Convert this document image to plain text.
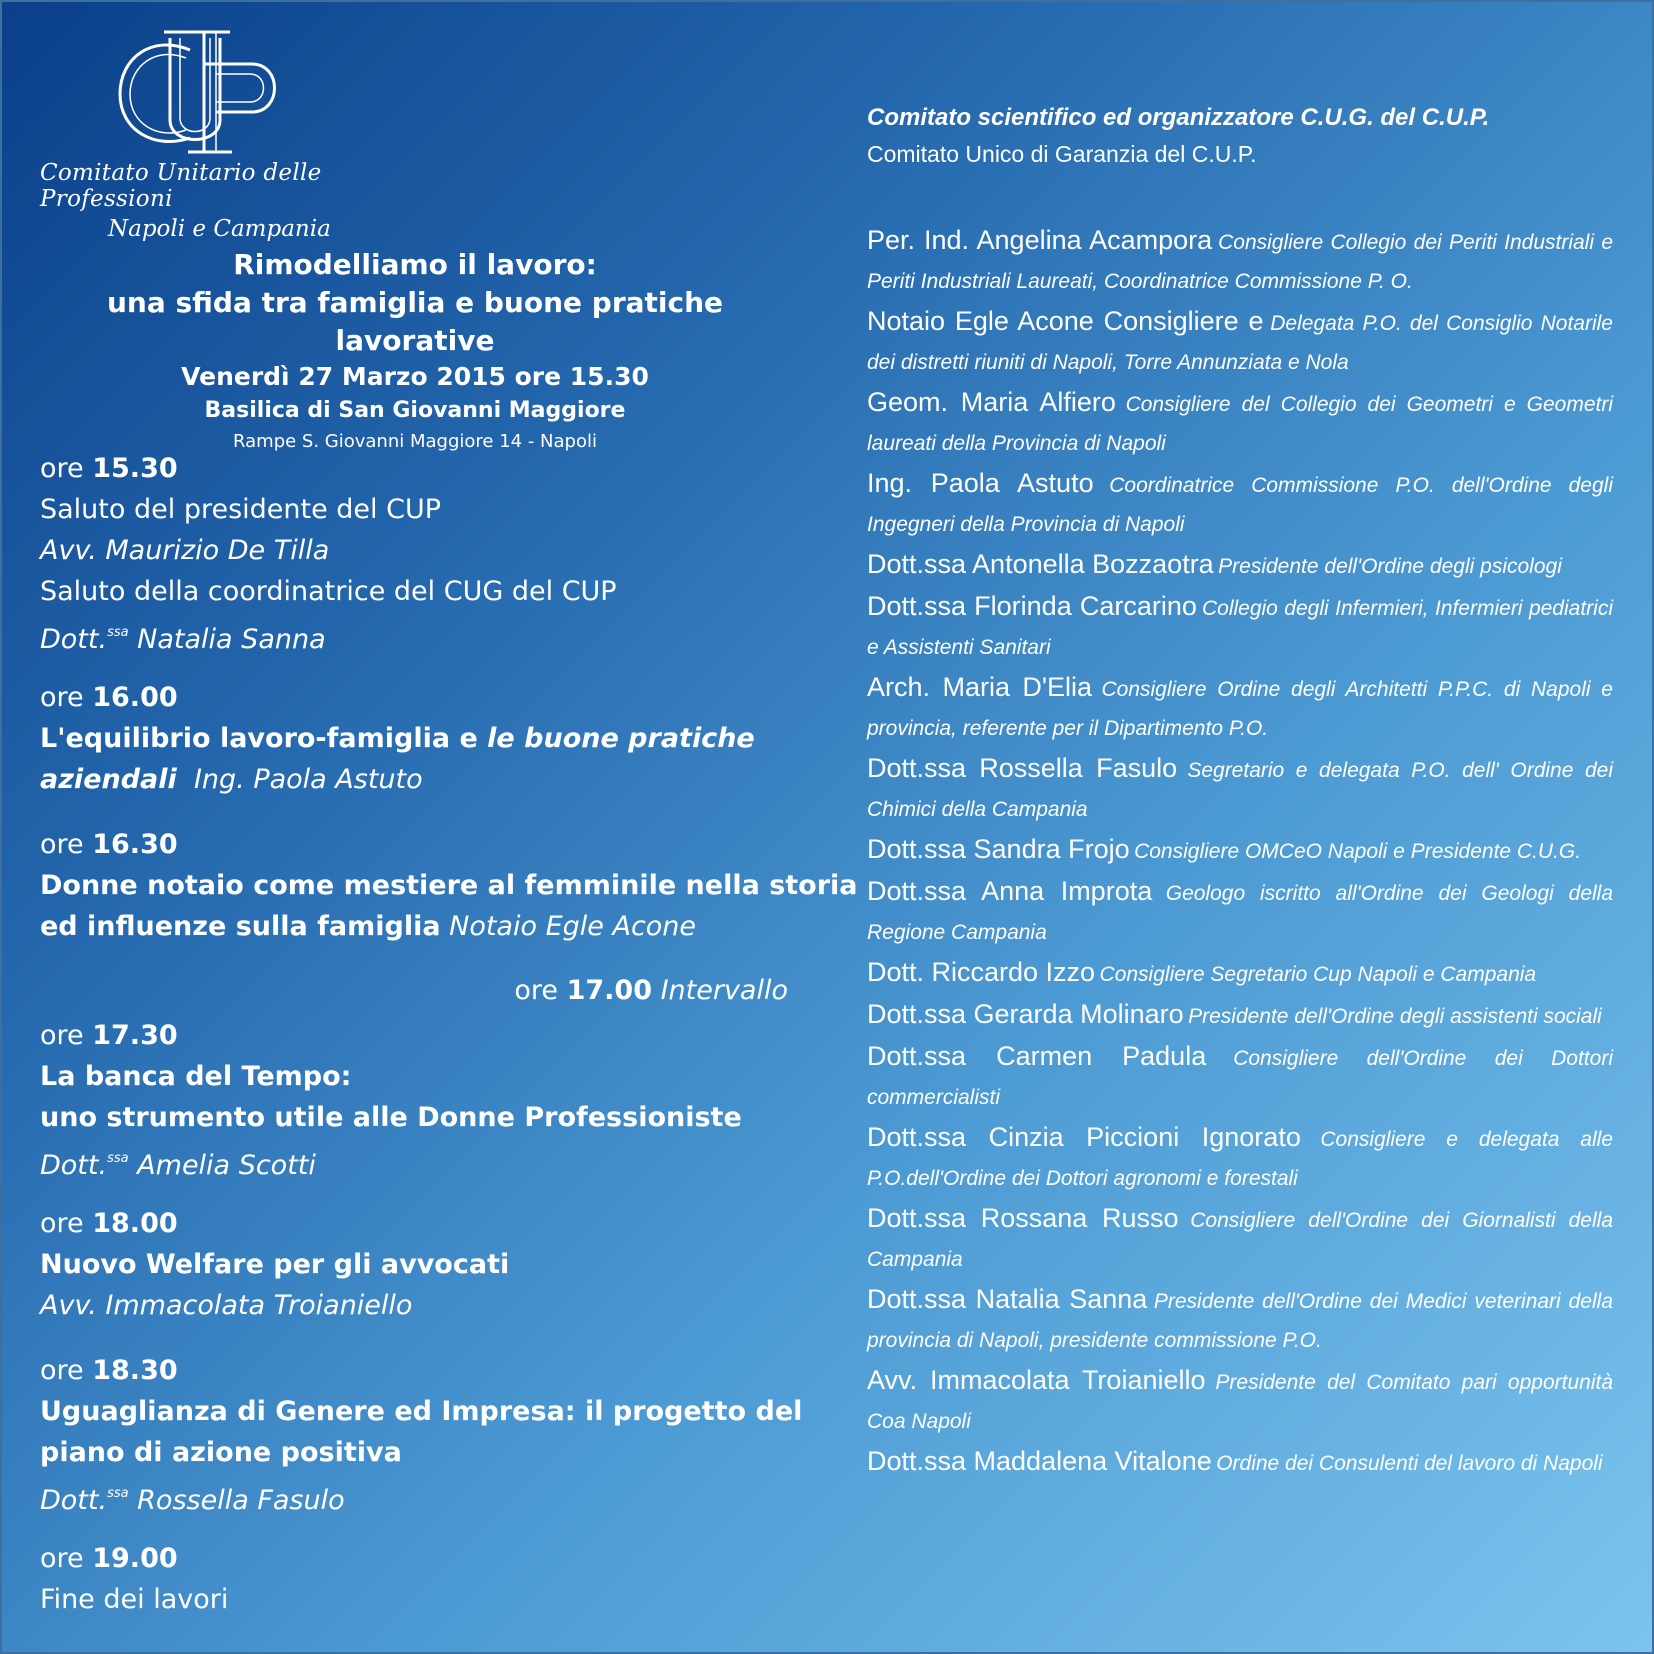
Comitato Unitario delle Professioni
Napoli e Campania
Rimodelliamo il lavoro:
una sfida tra famiglia e buone pratiche lavorative
Venerdì 27 Marzo 2015 ore 15.30
Basilica di San Giovanni Maggiore
Rampe S. Giovanni Maggiore 14 - Napoli
ore 15.30
Saluto del presidente del CUP
Avv. Maurizio De Tilla
Saluto della coordinatrice del CUG del CUP
Dott.$^{ssa}$ Natalia Sanna
ore 16.00
L'equilibrio lavoro-famiglia e le buone pratiche
aziendali  Ing. Paola Astuto
ore 16.30
Donne notaio come mestiere al femminile nella storia
ed influenze sulla famiglia Notaio Egle Acone
ore 17.00 Intervallo
ore 17.30
La banca del Tempo:
uno strumento utile alle Donne Professioniste
Dott.$^{ssa}$ Amelia Scotti
ore 18.00
Nuovo Welfare per gli avvocati
Avv. Immacolata Troianiello
ore 18.30
Uguaglianza di Genere ed Impresa: il progetto del
piano di azione positiva
Dott.$^{ssa}$ Rossella Fasulo
ore 19.00
Fine dei lavori
Comitato scientifico ed organizzatore C.U.G. del C.U.P.
Comitato Unico di Garanzia del C.U.P.

Per. Ind. Angelina Acampora Consigliere Collegio dei Periti Industriali e Periti Industriali Laureati, Coordinatrice Commissione P. O.

Notaio Egle Acone Consigliere e Delegata P.O. del Consiglio Notarile dei distretti riuniti di Napoli, Torre Annunziata e Nola

Geom. Maria Alfiero Consigliere del Collegio dei Geometri e Geometri laureati della Provincia di Napoli

Ing. Paola Astuto Coordinatrice Commissione P.O. dell'Ordine degli Ingegneri della Provincia di Napoli

Dott.ssa Antonella Bozzaotra Presidente dell'Ordine degli psicologi

Dott.ssa Florinda Carcarino Collegio degli Infermieri, Infermieri pediatrici e Assistenti Sanitari

Arch. Maria D'Elia Consigliere Ordine degli Architetti P.P.C. di Napoli e provincia, referente per il Dipartimento P.O.

Dott.ssa Rossella Fasulo Segretario e delegata P.O. dell' Ordine dei Chimici della Campania

Dott.ssa Sandra Frojo Consigliere OMCeO Napoli e Presidente C.U.G.

Dott.ssa Anna Improta Geologo iscritto all'Ordine dei Geologi della Regione Campania

Dott. Riccardo Izzo Consigliere Segretario Cup Napoli e Campania

Dott.ssa Gerarda Molinaro Presidente dell'Ordine degli assistenti sociali

Dott.ssa Carmen Padula Consigliere dell'Ordine dei Dottori commercialisti

Dott.ssa Cinzia Piccioni Ignorato Consigliere e delegata alle P.O.dell'Ordine dei Dottori agronomi e forestali

Dott.ssa Rossana Russo Consigliere dell'Ordine dei Giornalisti della Campania

Dott.ssa Natalia Sanna Presidente dell'Ordine dei Medici veterinari della provincia di Napoli, presidente commissione P.O.

Avv. Immacolata Troianiello Presidente del Comitato pari opportunità Coa Napoli

Dott.ssa Maddalena Vitalone Ordine dei Consulenti del lavoro di Napoli
